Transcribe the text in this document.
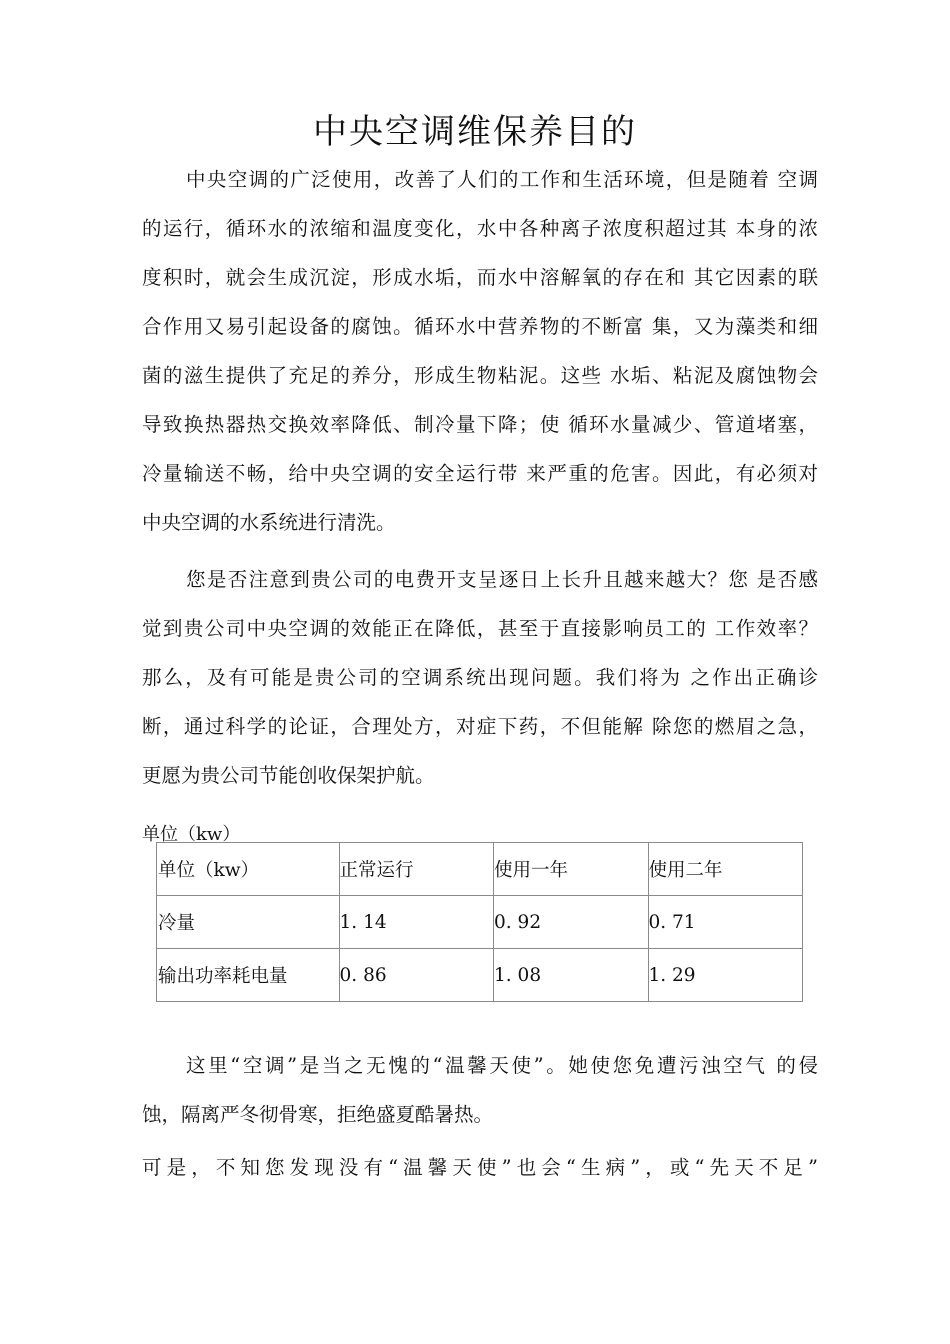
中央空调维保养目的
中央空调的广泛使用，改善了人们的工作和生活环境，但是随着 空调
的运行，循环水的浓缩和温度变化，水中各种离子浓度积超过其 本身的浓
度积时，就会生成沉淀，形成水垢，而水中溶解氧的存在和 其它因素的联
合作用又易引起设备的腐蚀。循环水中营养物的不断富 集，又为藻类和细
菌的滋生提供了充足的养分，形成生物粘泥。这些 水垢、粘泥及腐蚀物会
导致换热器热交换效率降低、制冷量下降；使 循环水量减少、管道堵塞，
冷量输送不畅，给中央空调的安全运行带 来严重的危害。因此，有必须对
中央空调的水系统进行清洗。
您是否注意到贵公司的电费开支呈逐日上长升且越来越大？您 是否感
觉到贵公司中央空调的效能正在降低，甚至于直接影响员工的 工作效率？
那么，及有可能是贵公司的空调系统出现问题。我们将为 之作出正确诊
断，通过科学的论证，合理处方，对症下药，不但能解 除您的燃眉之急，
更愿为贵公司节能创收保架护航。
单位（kw）
单位（kw）	正常运行	使用一年	使用二年
冷量	1. 14	0. 92	0. 71
输出功率耗电量	0. 86	1. 08	1. 29
这里“空调”是当之无愧的“温馨天使”。她使您免遭污浊空气 的侵
蚀，隔离严冬彻骨寒，拒绝盛夏酷暑热。
可是，不知您发现没有“温馨天使”也会“生病”，或“先天不足”
